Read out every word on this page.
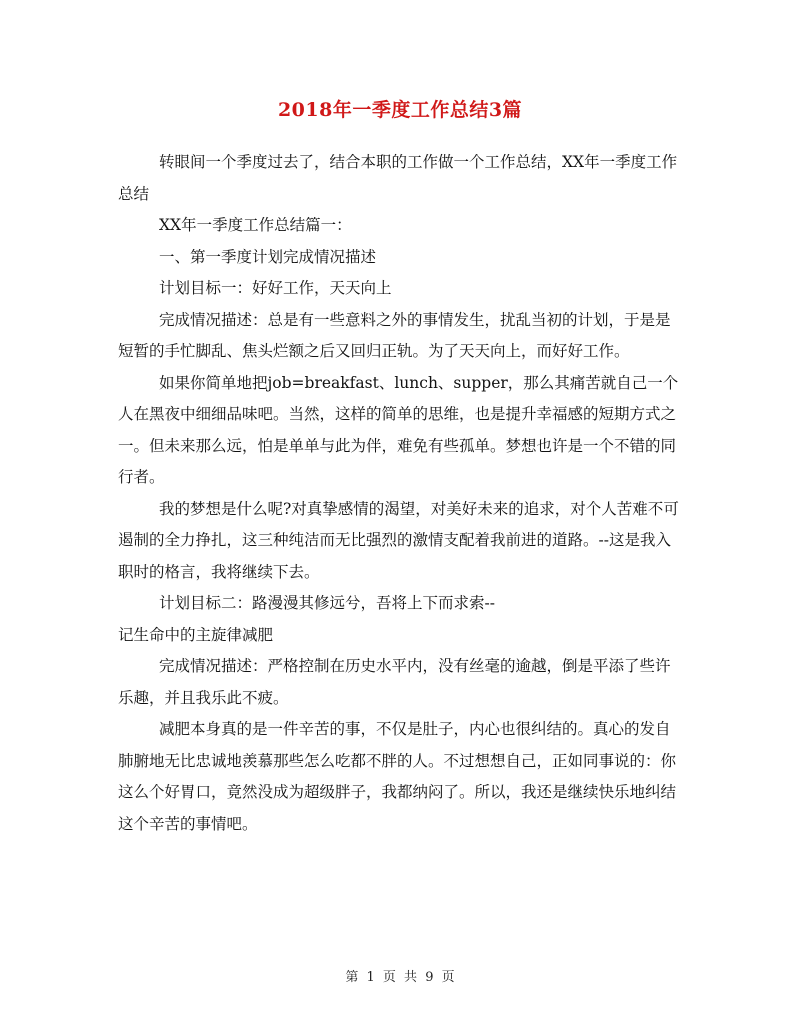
2018年一季度工作总结3篇

转眼间一个季度过去了，结合本职的工作做一个工作总结，XX年一季度工作总结

XX年一季度工作总结篇一：

一、第一季度计划完成情况描述

计划目标一：好好工作，天天向上

完成情况描述：总是有一些意料之外的事情发生，扰乱当初的计划，于是是短暂的手忙脚乱、焦头烂额之后又回归正轨。为了天天向上，而好好工作。

如果你简单地把job=breakfast、lunch、supper，那么其痛苦就自己一个人在黑夜中细细品味吧。当然，这样的简单的思维，也是提升幸福感的短期方式之一。但未来那么远，怕是单单与此为伴，难免有些孤单。梦想也许是一个不错的同行者。

我的梦想是什么呢?对真挚感情的渴望，对美好未来的追求，对个人苦难不可遏制的全力挣扎，这三种纯洁而无比强烈的激情支配着我前进的道路。--这是我入职时的格言，我将继续下去。

计划目标二：路漫漫其修远兮，吾将上下而求索--

记生命中的主旋律减肥

完成情况描述：严格控制在历史水平内，没有丝毫的逾越，倒是平添了些许乐趣，并且我乐此不疲。

减肥本身真的是一件辛苦的事，不仅是肚子，内心也很纠结的。真心的发自肺腑地无比忠诚地羡慕那些怎么吃都不胖的人。不过想想自己，正如同事说的：你这么个好胃口，竟然没成为超级胖子，我都纳闷了。所以，我还是继续快乐地纠结这个辛苦的事情吧。

第 1 页 共 9 页
